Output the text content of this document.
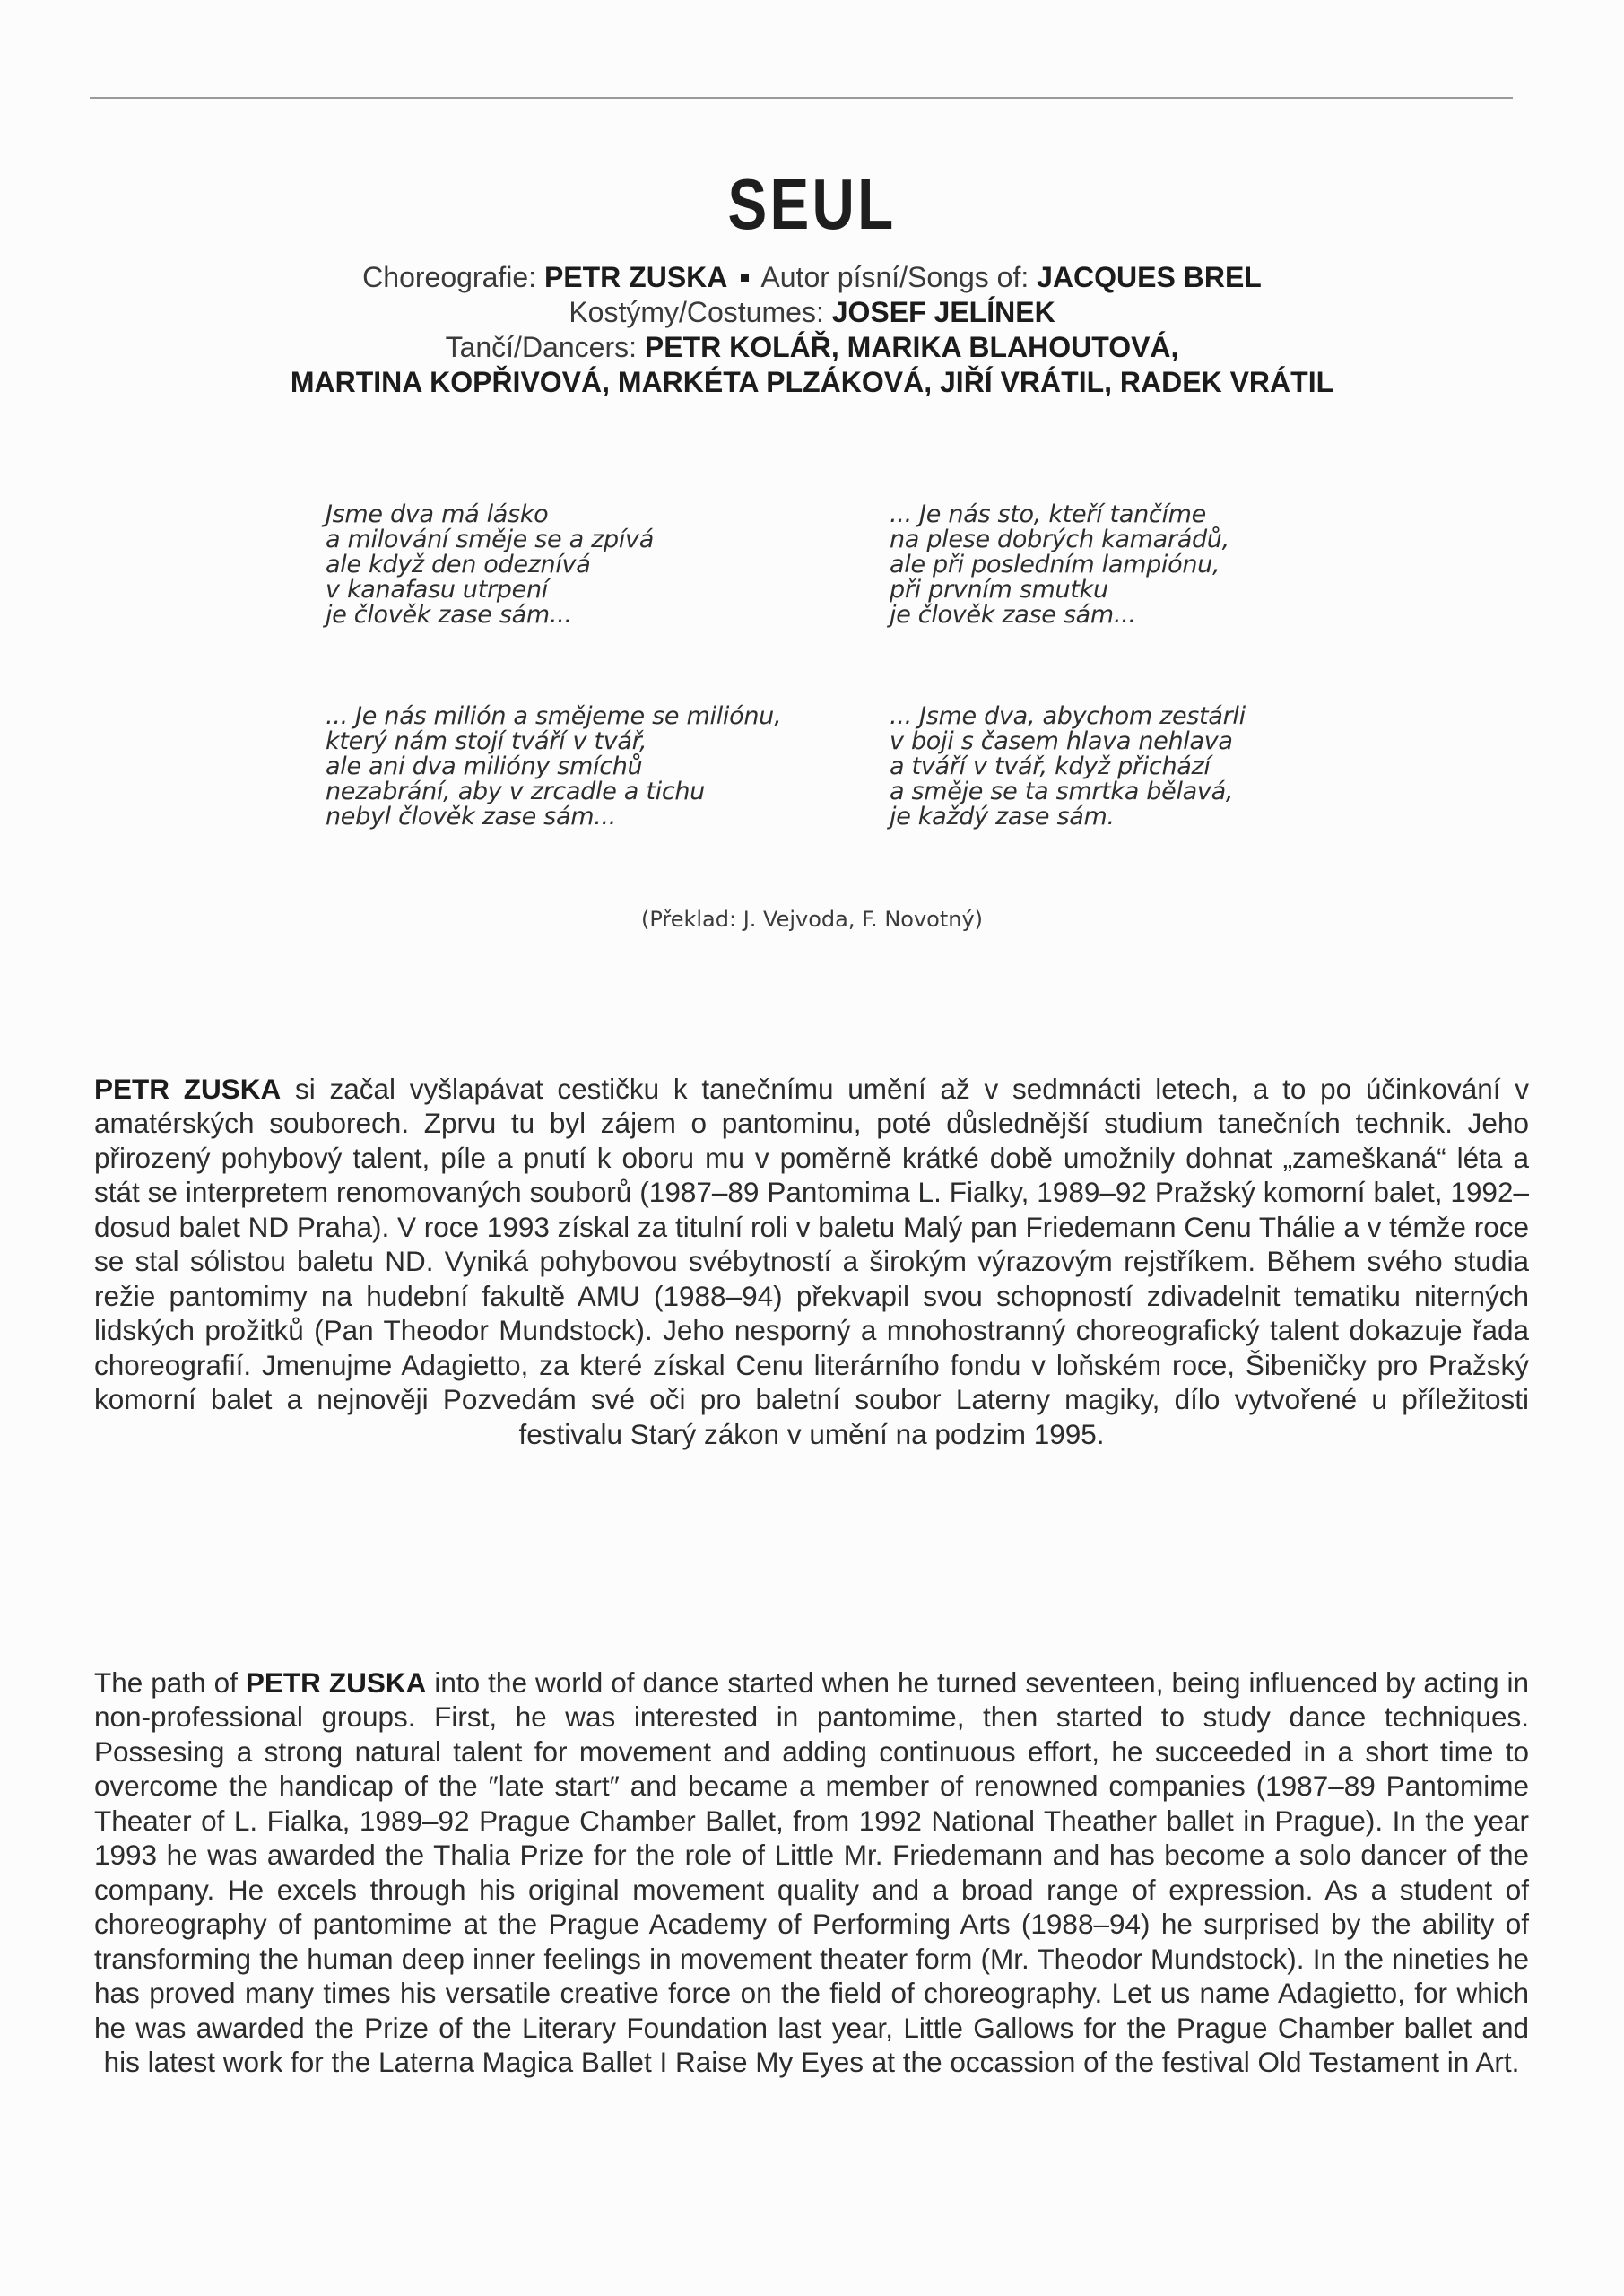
SEUL
Choreografie: PETR ZUSKA Autor písní/Songs of: JACQUES BREL
Kostýmy/Costumes: JOSEF JELÍNEK
Tančí/Dancers: PETR KOLÁŘ, MARIKA BLAHOUTOVÁ,
MARTINA KOPŘIVOVÁ, MARKÉTA PLZÁKOVÁ, JIŘÍ VRÁTIL, RADEK VRÁTIL
Jsme dva má lásko
a milování směje se a zpívá
ale když den odeznívá
v kanafasu utrpení
je člověk zase sám...
... Je nás sto, kteří tančíme
na plese dobrých kamarádů,
ale při posledním lampiónu,
při prvním smutku
je člověk zase sám...
... Je nás milión a smějeme se miliónu,
který nám stojí tváří v tvář,
ale ani dva milióny smíchů
nezabrání, aby v zrcadle a tichu
nebyl člověk zase sám...
... Jsme dva, abychom zestárli
v boji s časem hlava nehlava
a tváří v tvář, když přichází
a směje se ta smrtka bělavá,
je každý zase sám.
(Překlad: J. Vejvoda, F. Novotný)

PETR ZUSKA si začal vyšlapávat cestičku k tanečnímu umění až v sedmnácti letech, a to po účinkování v amatérských souborech. Zprvu tu byl zájem o pantominu, poté důslednější studium tanečních technik. Jeho přirozený pohybový talent, píle a pnutí k oboru mu v poměrně krátké době umožnily dohnat „zameškaná“ léta a stát se interpretem renomovaných souborů (1987–89 Pantomima L. Fialky, 1989–92 Pražský komorní balet, 1992–dosud balet ND Praha). V roce 1993 získal za titulní roli v baletu Malý pan Friedemann Cenu Thálie a v témže roce se stal sólistou baletu ND. Vyniká pohybovou svébytností a širokým výrazovým rejstříkem. Během svého studia režie pantomimy na hudební fakultě AMU (1988–94) překvapil svou schopností zdivadelnit tematiku niterných lidských prožitků (Pan Theodor Mundstock). Jeho nesporný a mnohostranný choreografický talent dokazuje řada choreografií. Jmenujme Adagietto, za které získal Cenu literárního fondu v loňském roce, Šibeničky pro Pražský komorní balet a nejnověji Pozvedám své oči pro baletní soubor Laterny magiky, dílo vytvořené u příležitosti festivalu Starý zákon v umění na podzim 1995.

The path of PETR ZUSKA into the world of dance started when he turned seventeen, being influenced by acting in non-professional groups. First, he was interested in pantomime, then started to study dance techniques. Possesing a strong natural talent for movement and adding continuous effort, he succeeded in a short time to overcome the handicap of the ″late start″ and became a member of renowned companies (1987–89 Pantomime Theater of L. Fialka, 1989–92 Prague Chamber Ballet, from 1992 National Theather ballet in Prague). In the year 1993 he was awarded the Thalia Prize for the role of Little Mr. Friedemann and has become a solo dancer of the company. He excels through his original movement quality and a broad range of expression. As a student of choreography of pantomime at the Prague Academy of Performing Arts (1988–94) he surprised by the ability of transforming the human deep inner feelings in movement theater form (Mr. Theodor Mundstock). In the nineties he has proved many times his versatile creative force on the field of choreography. Let us name Adagietto, for which he was awarded the Prize of the Literary Foundation last year, Little Gallows for the Prague Chamber ballet and his latest work for the Laterna Magica Ballet I Raise My Eyes at the occassion of the festival Old Testament in Art.
